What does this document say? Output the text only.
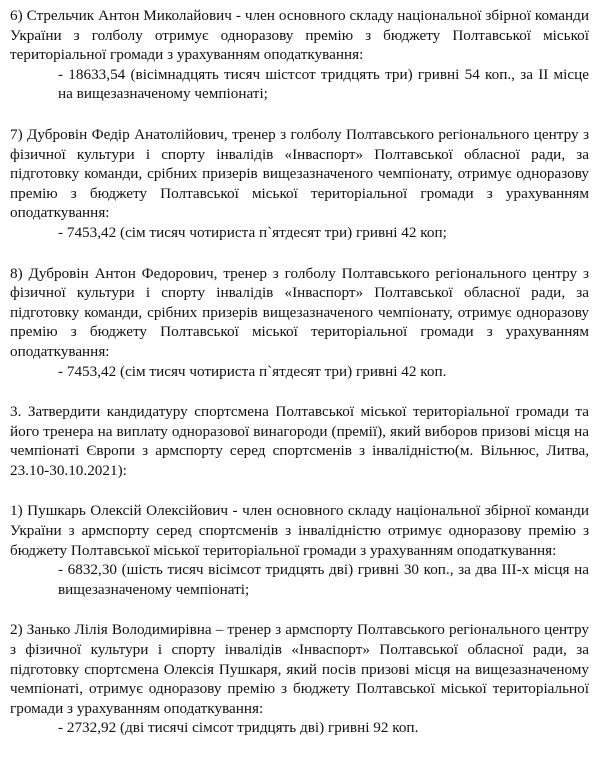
6) Стрельчик Антон Миколайович - член основного складу національної збірної команди України з голболу отримує одноразову премію з бюджету Полтавської міської територіальної громади з урахуванням оподаткування:

- 18633,54 (вісімнадцять тисяч шістсот тридцять три) гривні 54 коп., за II місце на вищезазначеному чемпіонаті;

7) Дубровін Федір Анатолійович, тренер з голболу Полтавського регіонального центру з фізичної культури і спорту інвалідів «Інваспорт» Полтавської обласної ради, за підготовку команди, срібних призерів вищезазначеного чемпіонату, отримує одноразову премію з бюджету Полтавської міської територіальної громади з урахуванням оподаткування:

- 7453,42 (сім тисяч чотириста п`ятдесят три) гривні 42 коп;

8) Дубровін Антон Федорович, тренер з голболу Полтавського регіонального центру з фізичної культури і спорту інвалідів «Інваспорт» Полтавської обласної ради, за підготовку команди, срібних призерів вищезазначеного чемпіонату, отримує одноразову премію з бюджету Полтавської міської територіальної громади з урахуванням оподаткування:

- 7453,42 (сім тисяч чотириста п`ятдесят три) гривні 42 коп.

3. Затвердити кандидатуру спортсмена Полтавської міської територіальної громади та його тренера на виплату одноразової винагороди (премії), який виборов призові місця на чемпіонаті Європи з армспорту серед спортсменів з інвалідністю(м. Вільнюс, Литва, 23.10-30.10.2021):

1) Пушкарь Олексій Олексійович - член основного складу національної збірної команди України з армспорту серед спортсменів з інвалідністю отримує одноразову премію з бюджету Полтавської міської територіальної громади з урахуванням оподаткування:

- 6832,30 (шість тисяч вісімсот тридцять дві) гривні 30 коп., за два III-х місця на вищезазначеному чемпіонаті;

2) Занько Лілія Володимирівна – тренер з армспорту Полтавського регіонального центру з фізичної культури і спорту інвалідів «Інваспорт» Полтавської обласної ради, за підготовку спортсмена Олексія Пушкаря, який посів призові місця на вищезазначеному чемпіонаті, отримує одноразову премію з бюджету Полтавської міської територіальної громади з урахуванням оподаткування:

- 2732,92 (дві тисячі сімсот тридцять дві) гривні 92 коп.
